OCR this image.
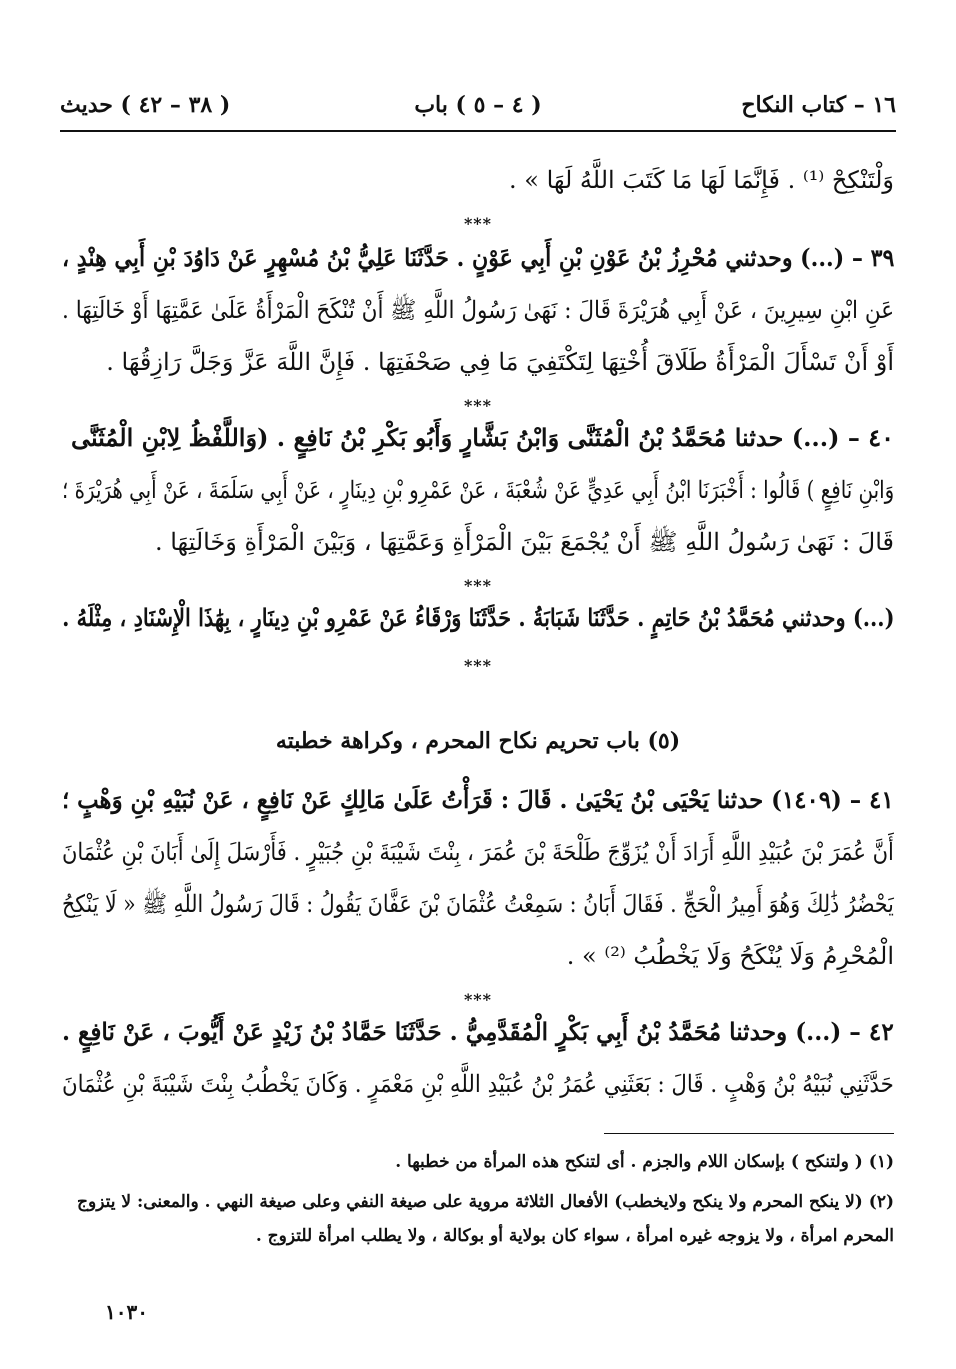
١٦ – كتاب النكاح
( ٤ – ٥ ) باب
( ٣٨ – ٤٢ ) حديث
وَلْتَنْكِحْ ⁽¹⁾ . فَإِنَّمَا لَهَا مَا كَتَبَ اللَّهُ لَهَا » .
***
٣٩ – (...) وحدثني مُحْرِزُ بْنُ عَوْنِ بْنِ أَبِي عَوْنٍ . حَدَّثَنَا عَلِيُّ بْنُ مُسْهِرٍ عَنْ دَاوُدَ بْنِ أَبِي هِنْدٍ ،
عَنِ ابْنِ سِيرِينَ ، عَنْ أَبِي هُرَيْرَةَ قَالَ : نَهَىٰ رَسُولُ اللَّهِ ﷺ أَنْ تُنْكَحَ الْمَرْأَةُ عَلَىٰ عَمَّتِهَا أَوْ خَالَتِهَا .
أَوْ أَنْ تَسْأَلَ الْمَرْأَةُ طَلَاقَ أُخْتِهَا لِتَكْتَفِيَ مَا فِي صَحْفَتِهَا . فَإِنَّ اللَّهَ عَزَّ وَجَلَّ رَازِقُهَا .
***
٤٠ – (...) حدثنا مُحَمَّدُ بْنُ الْمُثَنَّى وَابْنُ بَشَّارٍ وَأَبُو بَكْرِ بْنُ نَافِعٍ . (وَاللَّفْظُ لِابْنِ الْمُثَنَّى
وَابْنِ نَافِعٍ ) قَالُوا : أَخْبَرَنَا ابْنُ أَبِي عَدِيٍّ عَنْ شُعْبَةَ ، عَنْ عَمْرِو بْنِ دِينَارٍ ، عَنْ أَبِي سَلَمَةَ ، عَنْ أَبِي هُرَيْرَةَ ؛
قَالَ : نَهَىٰ رَسُولُ اللَّهِ ﷺ أَنْ يُجْمَعَ بَيْنَ الْمَرْأَةِ وَعَمَّتِهَا ، وَبَيْنَ الْمَرْأَةِ وَخَالَتِهَا .
***
(...) وحدثني مُحَمَّدُ بْنُ حَاتِمٍ . حَدَّثَنَا شَبَابَةُ . حَدَّثَنَا وَرْقَاءُ عَنْ عَمْرِو بْنِ دِينَارٍ ، بِهَٰذَا الْإِسْنَادِ ، مِثْلَهُ .
***
(٥) باب تحريم نكاح المحرم ، وكراهة خطبته
٤١ – (١٤٠٩) حدثنا يَحْيَى بْنُ يَحْيَىٰ . قَالَ : قَرَأْتُ عَلَىٰ مَالِكٍ عَنْ نَافِعٍ ، عَنْ نُبَيْهِ بْنِ وَهْبٍ ؛
أَنَّ عُمَرَ بْنَ عُبَيْدِ اللَّهِ أَرَادَ أَنْ يُزَوِّجَ طَلْحَةَ بْنَ عُمَرَ ، بِنْتَ شَيْبَةَ بْنِ جُبَيْرٍ . فَأَرْسَلَ إِلَىٰ أَبَانَ بْنِ عُثْمَانَ
يَحْضُرُ ذَٰلِكَ وَهُوَ أَمِيرُ الْحَجِّ . فَقَالَ أَبَانُ : سَمِعْتُ عُثْمَانَ بْنَ عَفَّانَ يَقُولُ : قَالَ رَسُولُ اللَّهِ ﷺ « لَا يَنْكِحُ
الْمُحْرِمُ وَلَا يُنْكَحُ وَلَا يَخْطُبُ ⁽²⁾ » .
***
٤٢ – (...) وحدثنا مُحَمَّدُ بْنُ أَبِي بَكْرٍ الْمُقَدَّمِيُّ . حَدَّثَنَا حَمَّادُ بْنُ زَيْدٍ عَنْ أَيُّوبَ ، عَنْ نَافِعٍ .
حَدَّثَنِي نُبَيْهُ بْنُ وَهْبٍ . قَالَ : بَعَثَنِي عُمَرُ بْنُ عُبَيْدِ اللَّهِ بْنِ مَعْمَرٍ . وَكَانَ يَخْطُبُ بِنْتَ شَيْبَةَ بْنِ عُثْمَانَ
(١) ( ولتنكح ) بإسكان اللام والجزم . أى لتنكح هذه المرأة من خطبها .
(٢) (لا ينكح المحرم ولا ينكح ولايخطب) الأفعال الثلاثة مروية على صيغة النفي وعلى صيغة النهي . والمعنى: لا يتزوج
المحرم امرأة ، ولا يزوجه غيره امرأة ، سواء كان بولاية أو بوكالة ، ولا يطلب امرأة للتزوج .
١٠٣٠
